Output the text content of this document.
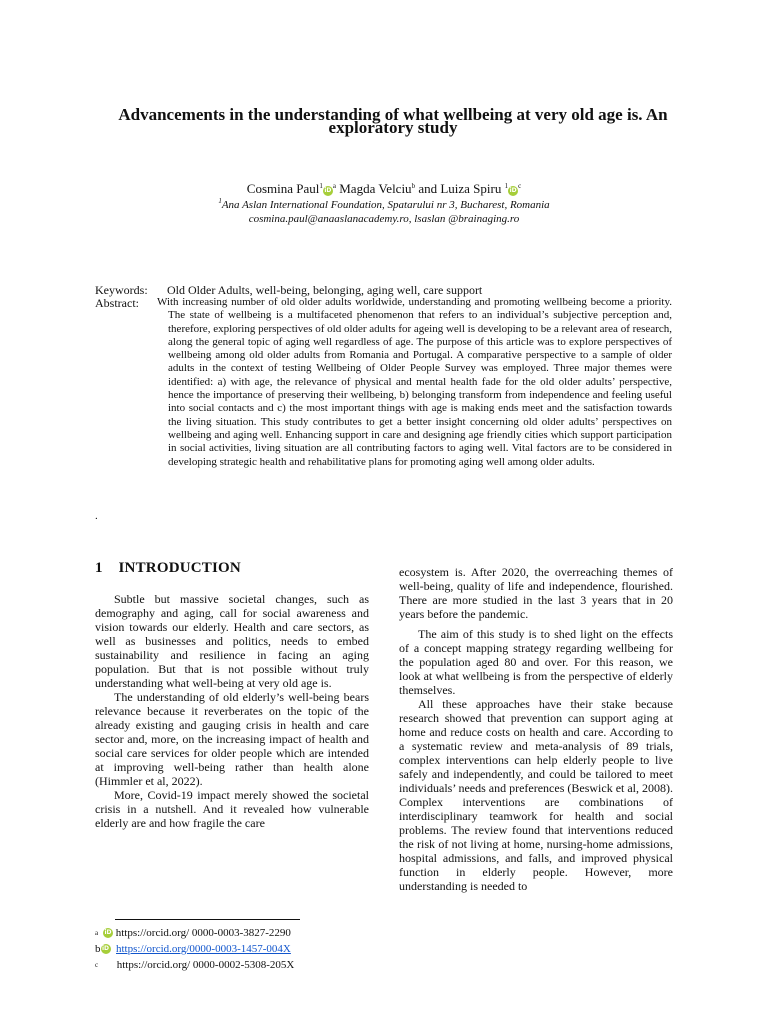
Advancements in the understanding of what wellbeing at very old age is. An exploratory study
Cosmina $Paul^1iD^a$ Magda Velciu$^b$ and Luiza Spiru $^1iD^c$
$^1$Ana Aslan International Foundation, Spatarului nr 3, Bucharest, Romania
cosmina.paul@anaaslanacademy.ro, lsaslan @brainaging.ro
Keywords: Old Older Adults, well-being, belonging, aging well, care support
Abstract: With increasing number of old older adults worldwide, understanding and promoting wellbeing become a priority. The state of wellbeing is a multifaceted phenomenon that refers to an individual’s subjective perception and, therefore, exploring perspectives of old older adults for ageing well is developing to be a relevant area of research, along the general topic of aging well regardless of age. The purpose of this article was to explore perspectives of wellbeing among old older adults from Romania and Portugal. A comparative perspective to a sample of older adults in the context of testing Wellbeing of Older People Survey was employed. Three major themes were identified: a) with age, the relevance of physical and mental health fade for the old older adults’ perspective, hence the importance of preserving their wellbeing, b) belonging transform from independence and feeling useful into social contacts and c) the most important things with age is making ends meet and the satisfaction towards the living situation. This study contributes to get a better insight concerning old older adults’ perspectives on wellbeing and aging well. Enhancing support in care and designing age friendly cities which support participation in social activities, living situation are all contributing factors to aging well. Vital factors are to be considered in developing strategic health and rehabilitative plans for promoting aging well among older adults.
.
1 INTRODUCTION

Subtle but massive societal changes, such as demography and aging, call for social awareness and vision towards our elderly. Health and care sectors, as well as businesses and politics, needs to embed sustainability and resilience in facing an aging population. But that is not possible without truly understanding what well-being at very old age is.

The understanding of old elderly’s well-being bears relevance because it reverberates on the topic of the already existing and gauging crisis in health and care sector and, more, on the increasing impact of health and social care services for older people which are intended at improving well-being rather than health alone (Himmler et al, 2022).

More, Covid-19 impact merely showed the societal crisis in a nutshell. And it revealed how vulnerable elderly are and how fragile the care

ecosystem is. After 2020, the overreaching themes of well-being, quality of life and independence, flourished. There are more studied in the last 3 years that in 20 years before the pandemic.

The aim of this study is to shed light on the effects of a concept mapping strategy regarding wellbeing for the population aged 80 and over. For this reason, we look at what wellbeing is from the perspective of elderly themselves.

All these approaches have their stake because research showed that prevention can support aging at home and reduce costs on health and care. According to a systematic review and meta-analysis of 89 trials, complex interventions can help elderly people to live safely and independently, and could be tailored to meet individuals’ needs and preferences (Beswick et al, 2008). Complex interventions are combinations of interdisciplinary teamwork for health and social problems. The review found that interventions reduced the risk of not living at home, nursing-home admissions, hospital admissions, and falls, and improved physical function in elderly people. However, more understanding is needed to

a	iD
https://orcid.org/ 0000-0003-3827-2290
b iD
https://orcid.org/0000-0003-1457-004X
c
	https://orcid.org/ 0000-0002-5308-205X
